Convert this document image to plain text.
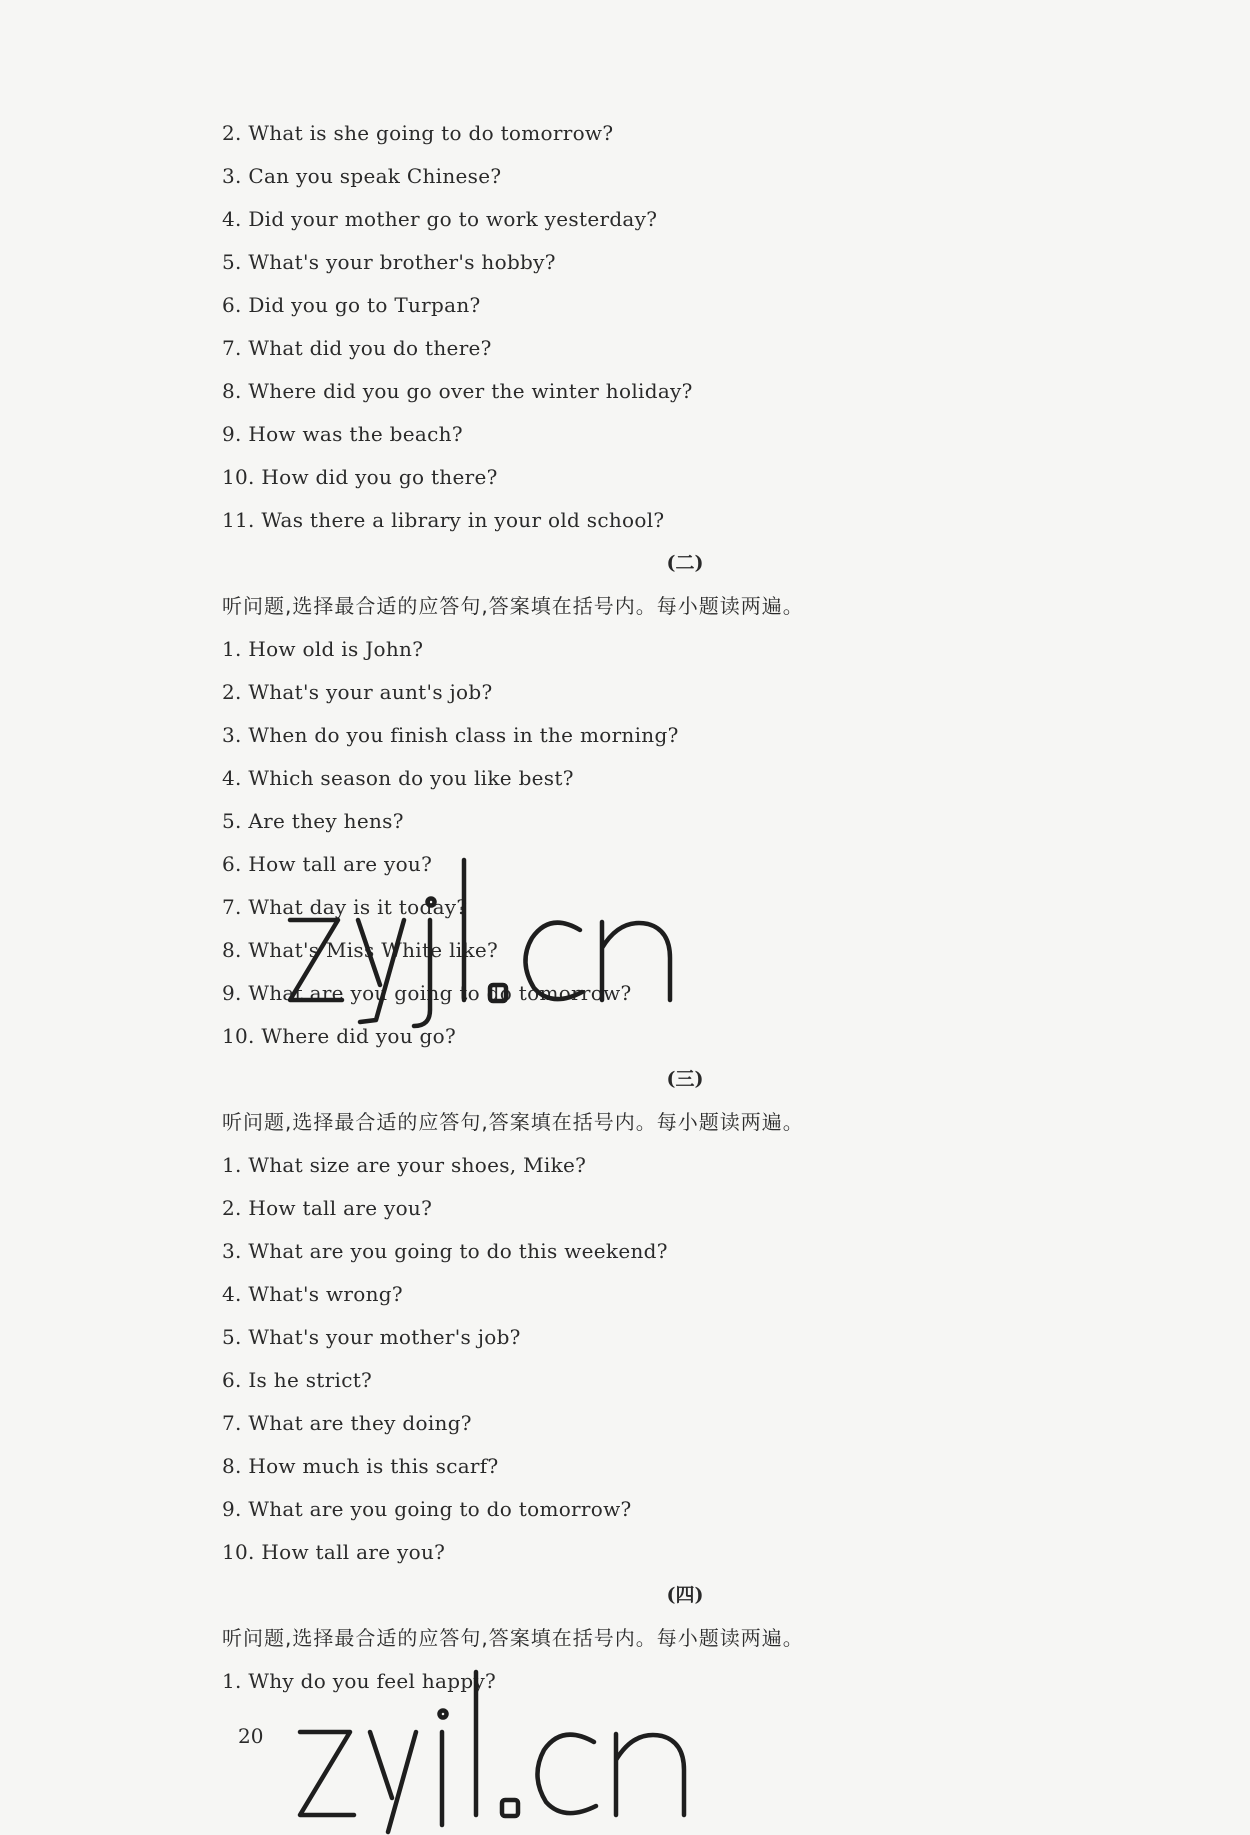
2. What is she going to do tomorrow?
3. Can you speak Chinese?
4. Did your mother go to work yesterday?
5. What's your brother's hobby?
6. Did you go to Turpan?
7. What did you do there?
8. Where did you go over the winter holiday?
9. How was the beach?
10. How did you go there?
11. Was there a library in your old school?
(二)
听问题,选择最合适的应答句,答案填在括号内。每小题读两遍。
1. How old is John?
2. What's your aunt's job?
3. When do you finish class in the morning?
4. Which season do you like best?
5. Are they hens?
6. How tall are you?
7. What day is it today?
8. What's Miss White like?
9. What are you going to do tomorrow?
10. Where did you go?
(三)
听问题,选择最合适的应答句,答案填在括号内。每小题读两遍。
1. What size are your shoes, Mike?
2. How tall are you?
3. What are you going to do this weekend?
4. What's wrong?
5. What's your mother's job?
6. Is he strict?
7. What are they doing?
8. How much is this scarf?
9. What are you going to do tomorrow?
10. How tall are you?
(四)
听问题,选择最合适的应答句,答案填在括号内。每小题读两遍。
1. Why do you feel happy?
20
